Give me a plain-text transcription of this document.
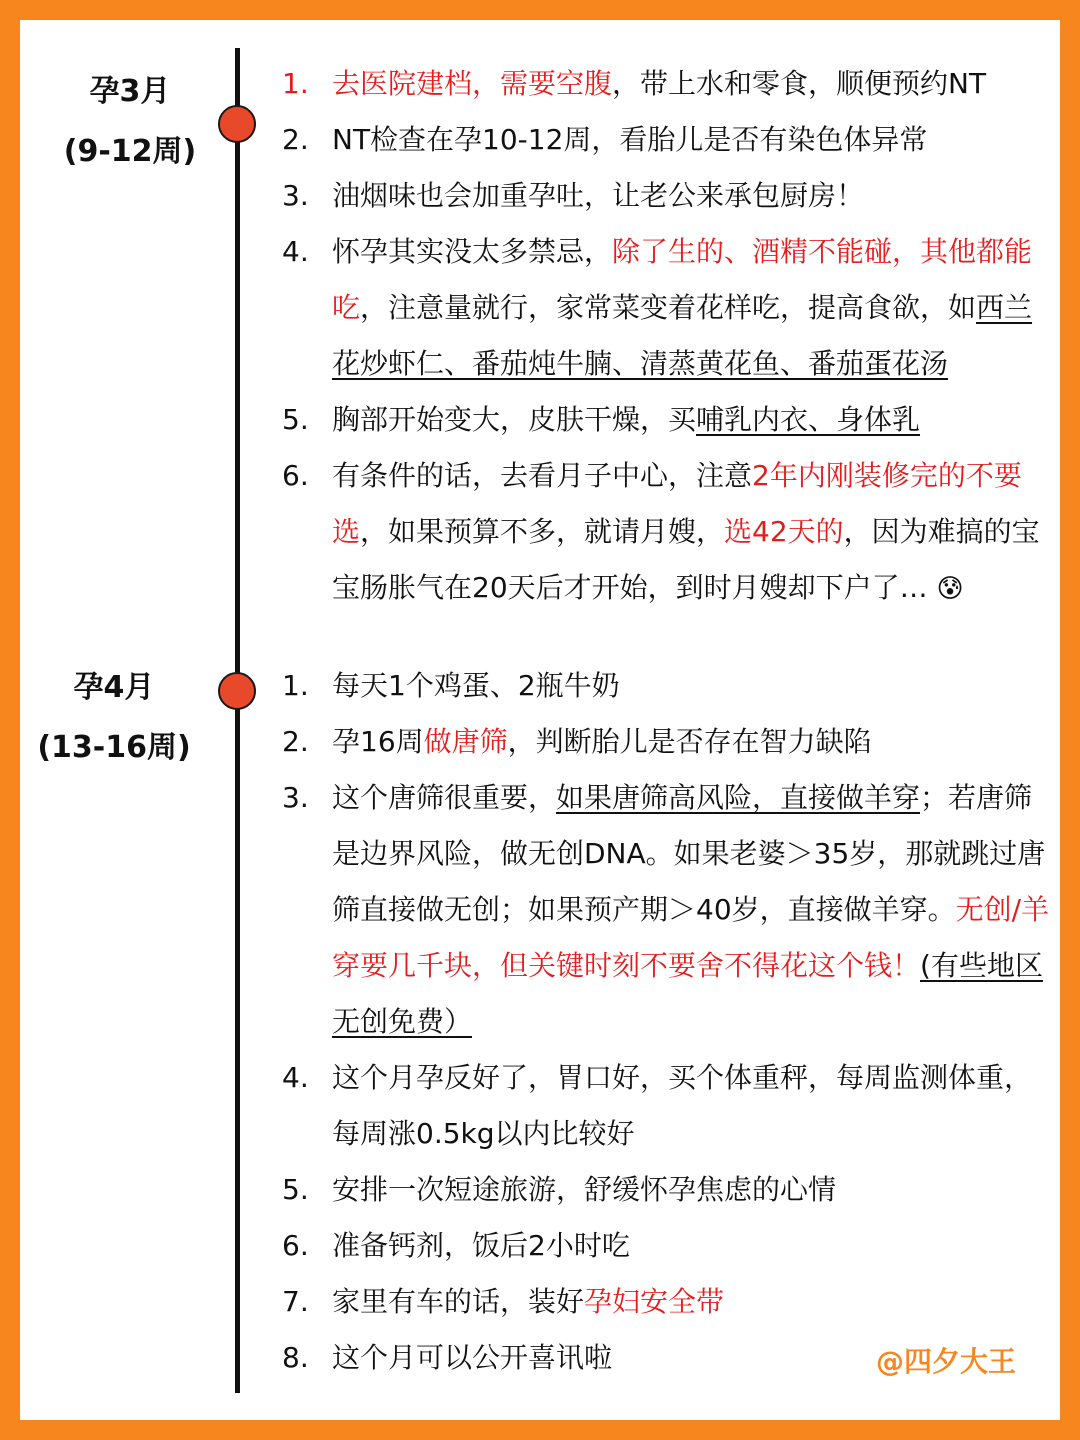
孕3月
(9-12周)
孕4月
(13-16周)
1. 去医院建档，需要空腹，带上水和零食，顺便预约NT
2. NT检查在孕10-12周，看胎儿是否有染色体异常
3. 油烟味也会加重孕吐，让老公来承包厨房！
4. 怀孕其实没太多禁忌，除了生的、酒精不能碰，其他都能吃，注意量就行，家常菜变着花样吃，提高食欲，如西兰花炒虾仁、番茄炖牛腩、清蒸黄花鱼、番茄蛋花汤
5. 胸部开始变大，皮肤干燥，买哺乳内衣、身体乳
6. 有条件的话，去看月子中心，注意2年内刚装修完的不要选，如果预算不多，就请月嫂，选42天的，因为难搞的宝宝肠胀气在20天后才开始，到时月嫂却下户了… 😰
1. 每天1个鸡蛋、2瓶牛奶
2. 孕16周做唐筛，判断胎儿是否存在智力缺陷
3. 这个唐筛很重要，如果唐筛高风险，直接做羊穿；若唐筛是边界风险，做无创DNA。如果老婆＞35岁，那就跳过唐筛直接做无创；如果预产期＞40岁，直接做羊穿。无创/羊穿要几千块，但关键时刻不要舍不得花这个钱！(有些地区无创免费）
4. 这个月孕反好了，胃口好，买个体重秤，每周监测体重，每周涨0.5kg以内比较好
5. 安排一次短途旅游，舒缓怀孕焦虑的心情
6. 准备钙剂，饭后2小时吃
7. 家里有车的话，装好孕妇安全带
8. 这个月可以公开喜讯啦	@四夕大王
